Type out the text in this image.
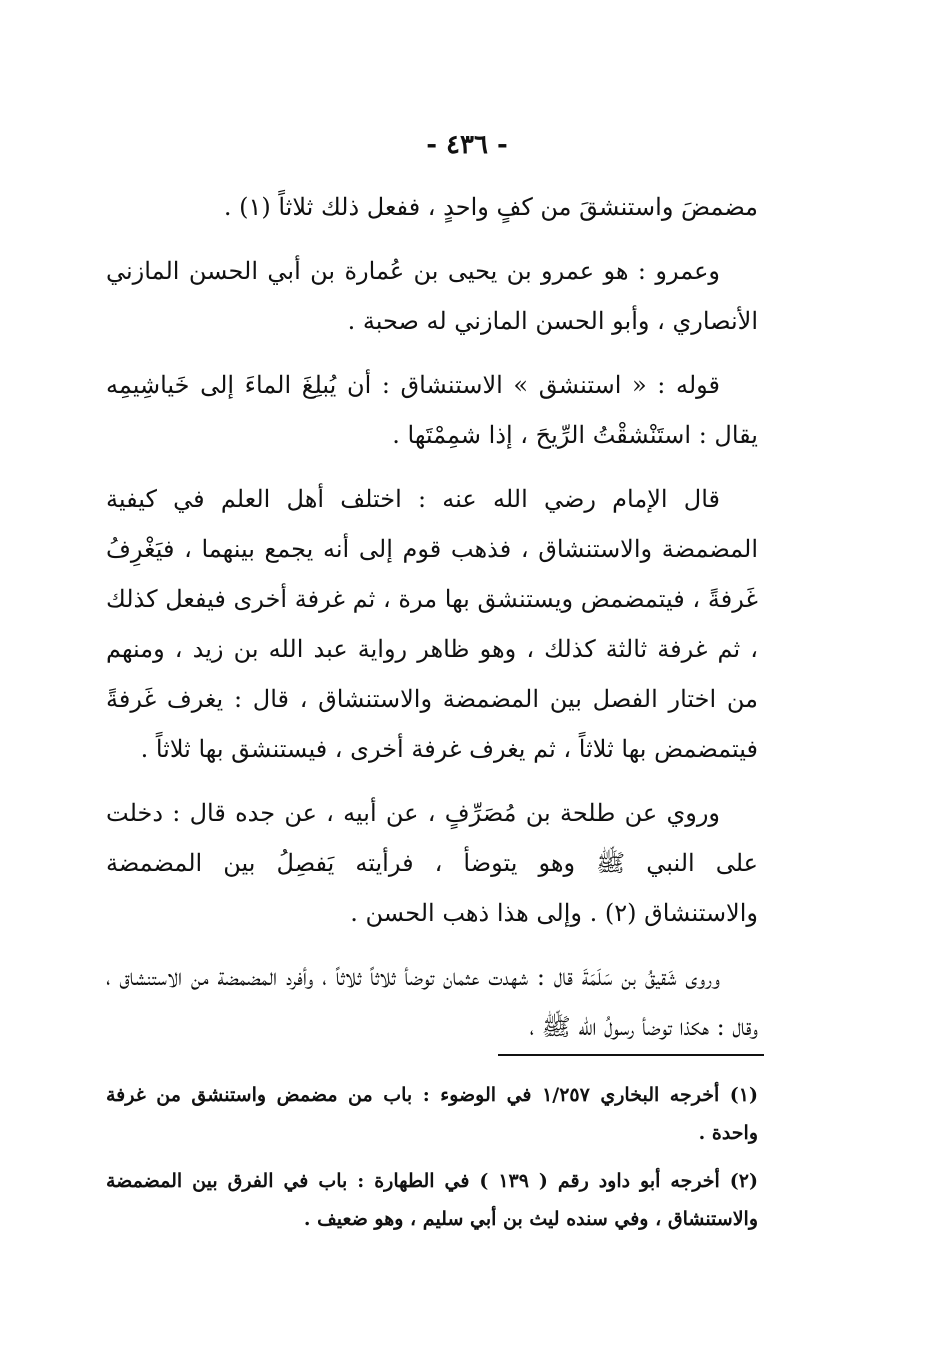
- ٤٣٦ -

مضمضَ واستنشقَ من كفٍ واحدٍ ، ففعل ذلك ثلاثاً (١) .

وعمرو : هو عمرو بن يحيى بن عُمارة بن أبي الحسن المازني الأنصاري ، وأبو الحسن المازني له صحبة .

قوله : « استنشق » الاستنشاق : أن يُبلِغَ الماءَ إلى خَياشِيمِه يقال : استَنْشقْتُ الرِّيحَ ، إذا شمِمْتَها .

قال الإمام رضي الله عنه : اختلف أهل العلم في كيفية المضمضة والاستنشاق ، فذهب قوم إلى أنه يجمع بينهما ، فيَغْرِفُ غَرفةً ، فيتمضمض ويستنشق بها مرة ، ثم غرفة أخرى فيفعل كذلك ، ثم غرفة ثالثة كذلك ، وهو ظاهر رواية عبد الله بن زيد ، ومنهم من اختار الفصل بين المضمضة والاستنشاق ، قال : يغرف غَرفةً فيتمضمض بها ثلاثاً ، ثم يغرف غرفة أخرى ، فيستنشق بها ثلاثاً .

وروي عن طلحة بن مُصَرِّفٍ ، عن أبيه ، عن جده قال : دخلت على النبي ﷺ وهو يتوضأ ، فرأيته يَفصِلُ بين المضمضة والاستنشاق (٢) . وإلى هذا ذهب الحسن .

وروى شَقيقُ بن سَلَمَةَ قال : شهدت عثمان توضأ ثلاثاً ثلاثاً ، وأفرد المضمضة من الاستنشاق ، وقال : هكذا توضأ رسولُ الله ﷺ ،

(١) أخرجه البخاري ١/٢٥٧ في الوضوء : باب من مضمض واستنشق من غرفة واحدة .

(٢) أخرجه أبو داود رقم ( ١٣٩ ) في الطهارة : باب في الفرق بين المضمضة والاستنشاق ، وفي سنده ليث بن أبي سليم ، وهو ضعيف .
